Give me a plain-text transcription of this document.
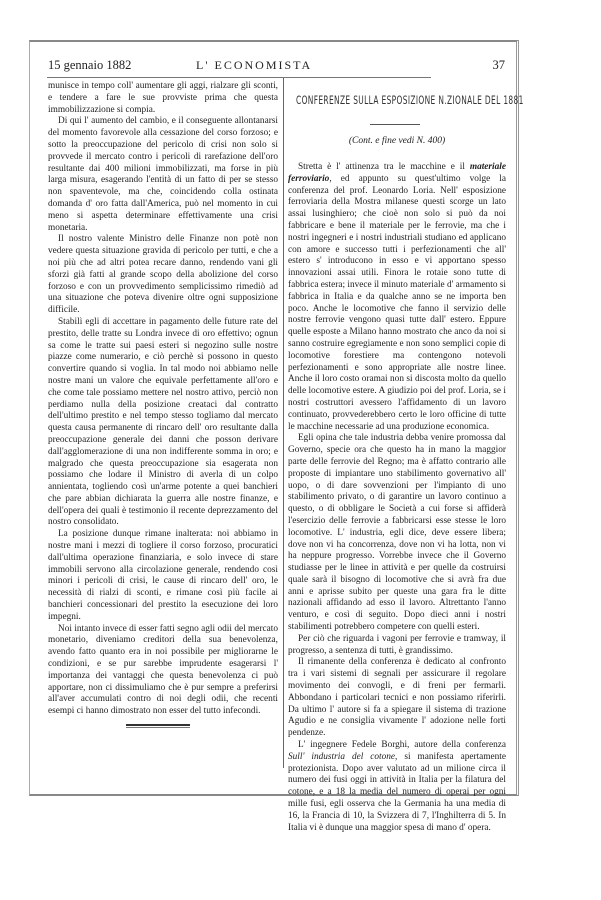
15 gennaio 1882	L' ECONOMISTA	37

munisce in tempo coll' aumentare gli aggi, rialzare gli sconti, e tendere a fare le sue provviste prima che questa immobilizzazione si compia.

Di qui l' aumento del cambio, e il conseguente allontanarsi del momento favorevole alla cessazione del corso forzoso; e sotto la preoccupazione del pericolo di crisi non solo si provvede il mercato contro i pericoli di rarefazione dell'oro resultante dai 400 milioni immobilizzati, ma forse in più larga misura, esagerando l'entità di un fatto di per se stesso non spaventevole, ma che, coincidendo colla ostinata domanda d' oro fatta dall'America, può nel momento in cui meno si aspetta determinare effettivamente una crisi monetaria.

Il nostro valente Ministro delle Finanze non potè non vedere questa situazione gravida di pericolo per tutti, e che a noi più che ad altri potea recare danno, rendendo vani gli sforzi già fatti al grande scopo della abolizione del corso forzoso e con un provvedimento semplicissimo rimediò ad una situazione che poteva divenire oltre ogni supposizione difficile.

Stabilì egli di accettare in pagamento delle future rate del prestito, delle tratte su Londra invece di oro effettivo; ognun sa come le tratte sui paesi esteri si negozino sulle nostre piazze come numerario, e ciò perchè si possono in questo convertire quando si voglia. In tal modo noi abbiamo nelle nostre mani un valore che equivale perfettamente all'oro e che come tale possiamo mettere nel nostro attivo, perciò non perdiamo nulla della posizione creataci dal contratto dell'ultimo prestito e nel tempo stesso togliamo dal mercato questa causa permanente di rincaro dell' oro resultante dalla preoccupazione generale dei danni che posson derivare dall'agglomerazione di una non indifferente somma in oro; e malgrado che questa preoccupazione sia esagerata non possiamo che lodare il Ministro di averla di un colpo annientata, togliendo così un'arme potente a quei banchieri che pare abbian dichiarata la guerra alle nostre finanze, e dell'opera dei quali è testimonio il recente deprezzamento del nostro consolidato.

La posizione dunque rimane inalterata: noi abbiamo in nostre mani i mezzi di togliere il corso forzoso, procuratici dall'ultima operazione finanziaria, e solo invece di stare immobili servono alla circolazione generale, rendendo così minori i pericoli di crisi, le cause di rincaro dell' oro, le necessità di rialzi di sconti, e rimane così più facile ai banchieri concessionari del prestito la esecuzione dei loro impegni.

Noi intanto invece di esser fatti segno agli odii del mercato monetario, diveniamo creditori della sua benevolenza, avendo fatto quanto era in noi possibile per migliorarne le condizioni, e se pur sarebbe imprudente esagerarsi l' importanza dei vantaggi che questa benevolenza ci può apportare, non ci dissimuliamo che è pur sempre a preferirsi all'aver accumulati contro di noi degli odii, che recenti esempi ci hanno dimostrato non esser del tutto infecondi.

CONFERENZE SULLA ESPOSIZIONE N.ZIONALE DEL 1881
(Cont. e fine vedi N. 400)

Stretta è l' attinenza tra le macchine e il materiale ferroviario, ed appunto su quest'ultimo volge la conferenza del prof. Leonardo Loria. Nell' esposizione ferroviaria della Mostra milanese questi scorge un lato assai lusinghiero; che cioè non solo si può da noi fabbricare e bene il materiale per le ferrovie, ma che i nostri ingegneri e i nostri industriali studiano ed applicano con amore e successo tutti i perfezionamenti che all' estero s' introducono in esso e vi apportano spesso innovazioni assai utili. Finora le rotaie sono tutte di fabbrica estera; invece il minuto materiale d' armamento si fabbrica in Italia e da qualche anno se ne importa ben poco. Anche le locomotive che fanno il servizio delle nostre ferrovie vengono quasi tutte dall' estero. Eppure quelle esposte a Milano hanno mostrato che anco da noi si sanno costruire egregiamente e non sono semplici copie di locomotive forestiere ma contengono notevoli perfezionamenti e sono appropriate alle nostre linee. Anche il loro costo oramai non si discosta molto da quello delle locomotive estere. A giudizio poi del prof. Loria, se i nostri costruttori avessero l'affidamento di un lavoro continuato, provvederebbero certo le loro officine di tutte le macchine necessarie ad una produzione economica.

Egli opina che tale industria debba venire promossa dal Governo, specie ora che questo ha in mano la maggior parte delle ferrovie del Regno; ma è affatto contrario alle proposte di impiantare uno stabilimento governativo all' uopo, o di dare sovvenzioni per l'impianto di uno stabilimento privato, o di garantire un lavoro continuo a questo, o di obbligare le Società a cui forse si affiderà l'esercizio delle ferrovie a fabbricarsi esse stesse le loro locomotive. L' industria, egli dice, deve essere libera; dove non vi ha concorrenza, dove non vi ha lotta, non vi ha neppure progresso. Vorrebbe invece che il Governo studiasse per le linee in attività e per quelle da costruirsi quale sarà il bisogno di locomotive che si avrà fra due anni e aprisse subito per queste una gara fra le ditte nazionali affidando ad esso il lavoro. Altrettanto l'anno venturo, e così di seguito. Dopo dieci anni i nostri stabilimenti potrebbero competere con quelli esteri.

Per ciò che riguarda i vagoni per ferrovie e tramway, il progresso, a sentenza di tutti, è grandissimo.

Il rimanente della conferenza è dedicato al confronto tra i vari sistemi di segnali per assicurare il regolare movimento dei convogli, e di freni per fermarli. Abbondano i particolari tecnici e non possiamo riferirli. Da ultimo l' autore si fa a spiegare il sistema di trazione Agudio e ne consiglia vivamente l' adozione nelle forti pendenze.

L' ingegnere Fedele Borghi, autore della conferenza Sull' industria del cotone, si manifesta apertamente protezionista. Dopo aver valutato ad un milione circa il numero dei fusi oggi in attività in Italia per la filatura del cotone, e a 18 la media del numero di operai per ogni mille fusi, egli osserva che la Germania ha una media di 16, la Francia di 10, la Svizzera di 7, l'Inghilterra di 5. In Italia vi è dunque una maggior spesa di mano d' opera.
